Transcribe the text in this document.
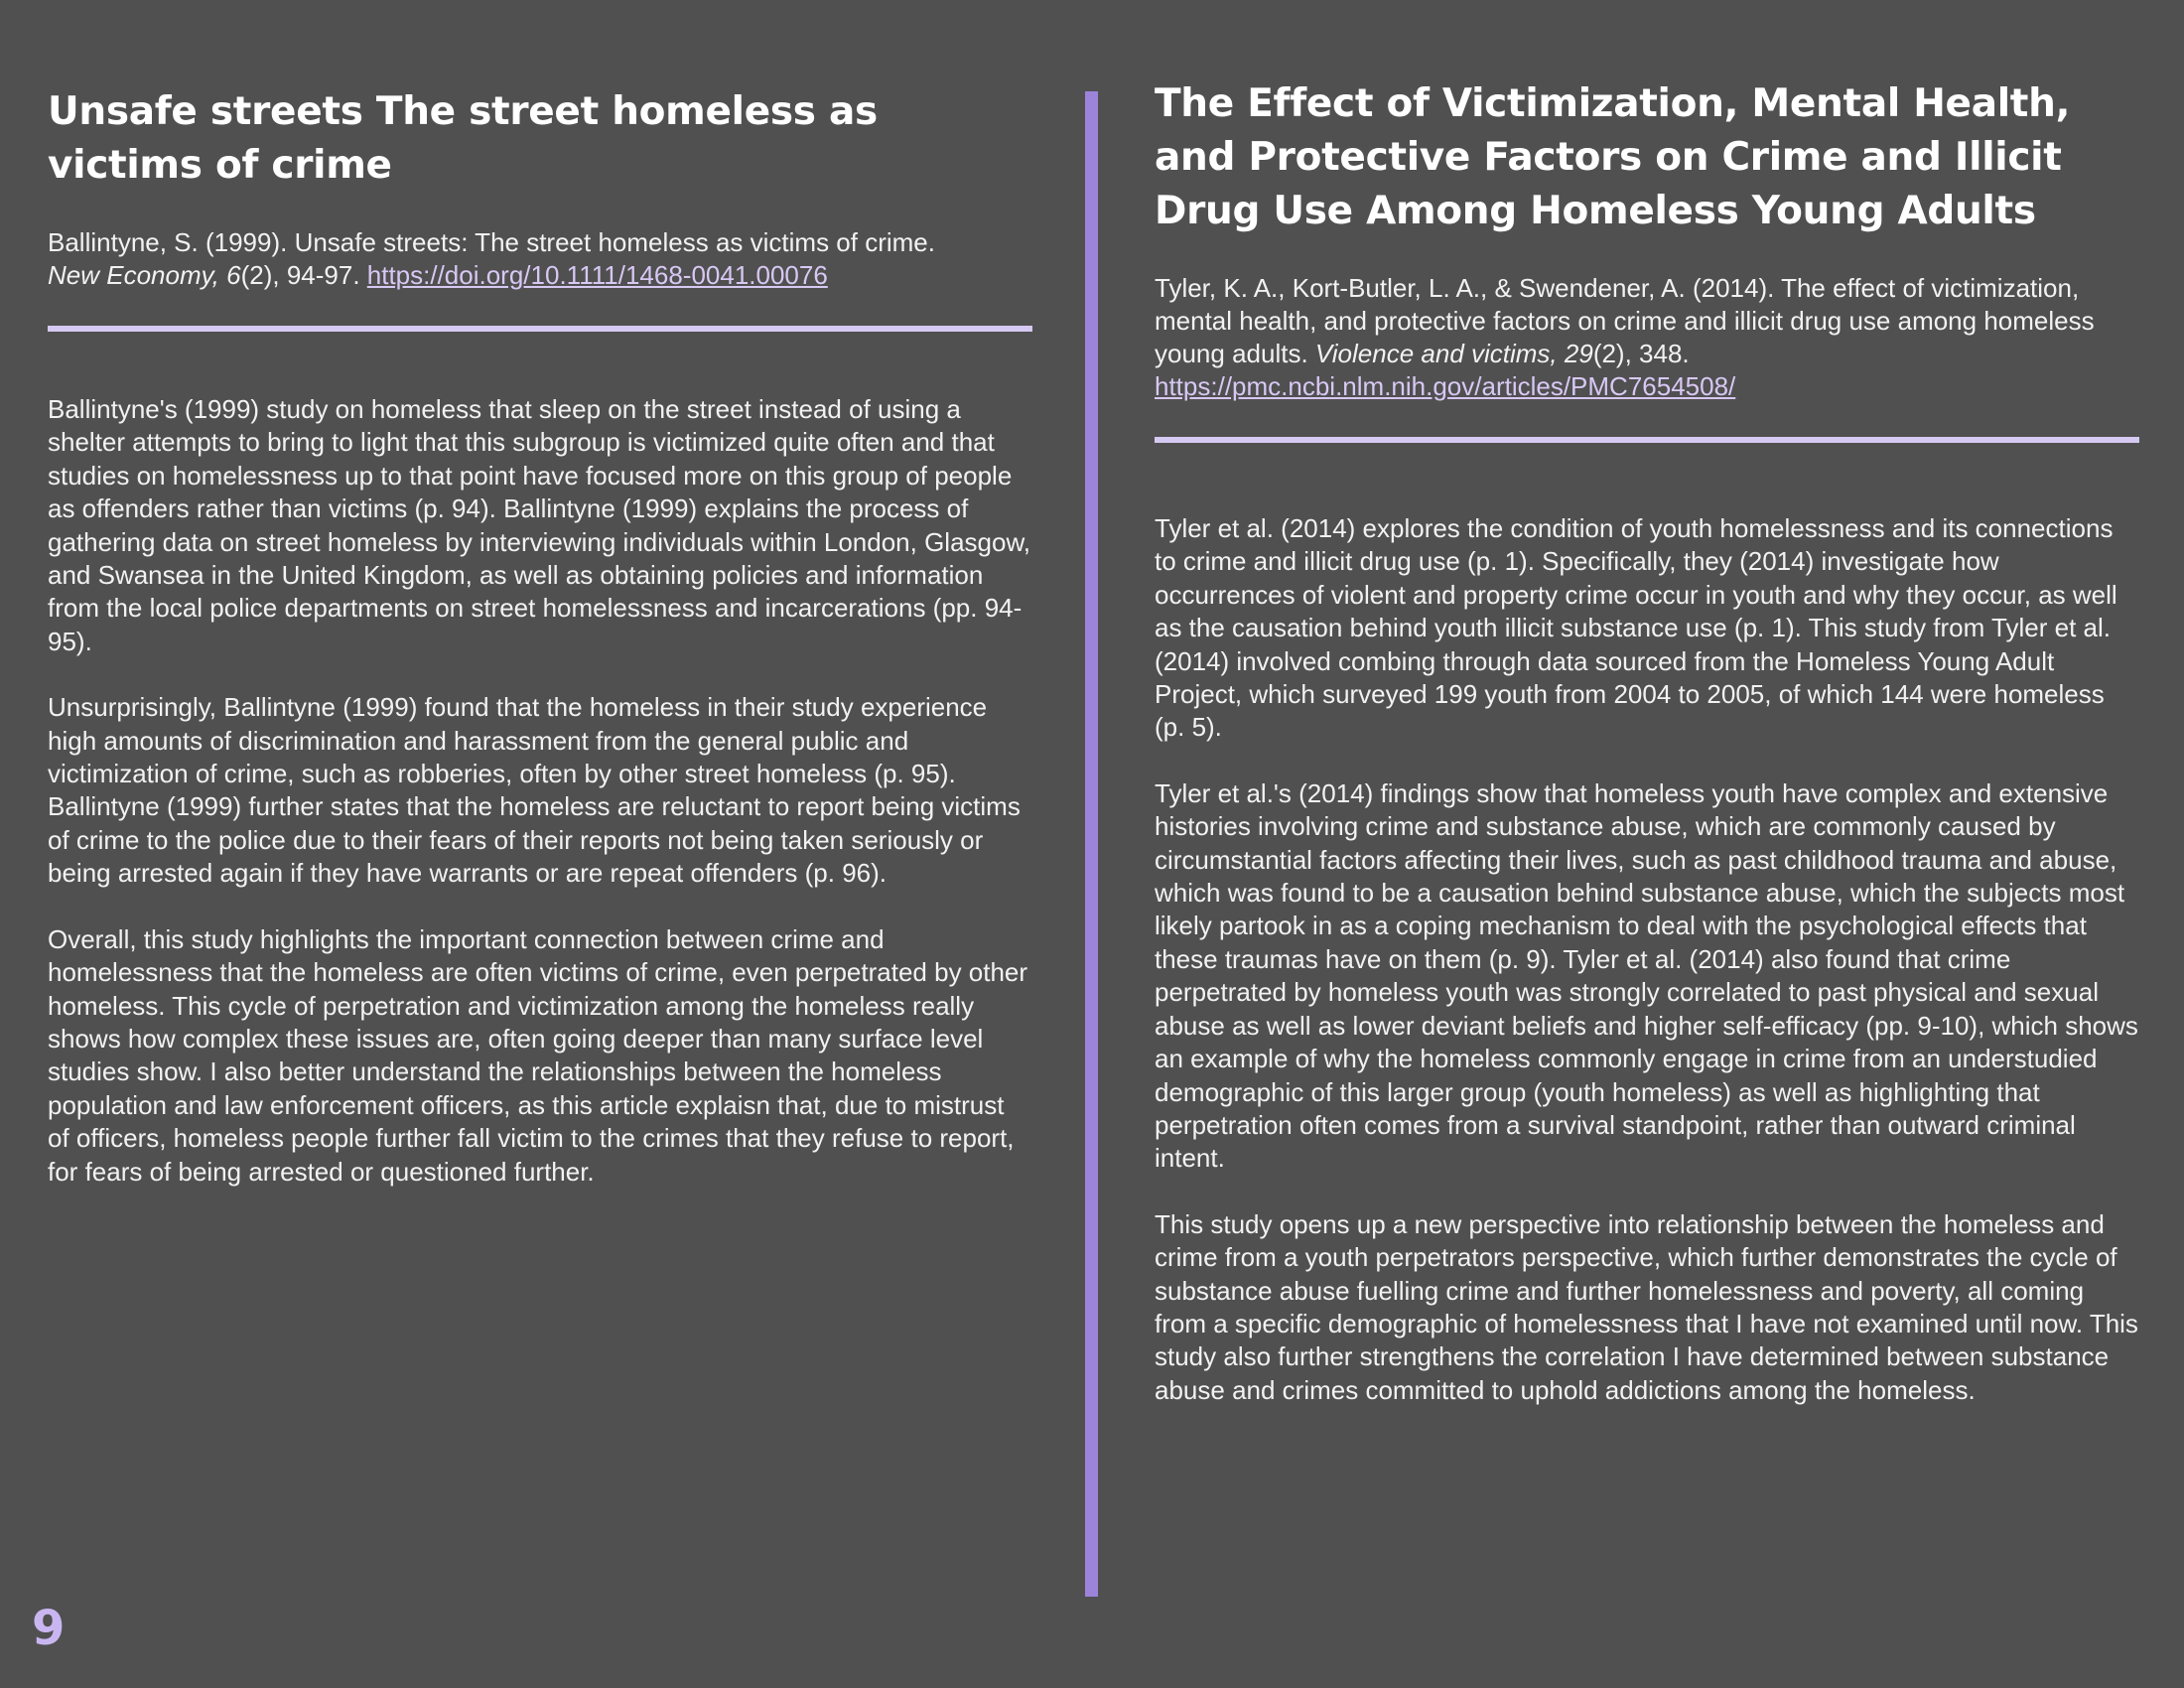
Unsafe streets The street homeless as victims of crime

Ballintyne, S. (1999). Unsafe streets: The street homeless as victims of crime.
New Economy, 6(2), 94-97. https://doi.org/10.1111/1468-0041.00076

Ballintyne's (1999) study on homeless that sleep on the street instead of using a shelter attempts to bring to light that this subgroup is victimized quite often and that studies on homelessness up to that point have focused more on this group of people as offenders rather than victims (p. 94). Ballintyne (1999) explains the process of gathering data on street homeless by interviewing individuals within London, Glasgow, and Swansea in the United Kingdom, as well as obtaining policies and information from the local police departments on street homelessness and incarcerations (pp. 94-95).

Unsurprisingly, Ballintyne (1999) found that the homeless in their study experience high amounts of discrimination and harassment from the general public and victimization of crime, such as robberies, often by other street homeless (p. 95). Ballintyne (1999) further states that the homeless are reluctant to report being victims of crime to the police due to their fears of their reports not being taken seriously or being arrested again if they have warrants or are repeat offenders (p. 96).

Overall, this study highlights the important connection between crime and homelessness that the homeless are often victims of crime, even perpetrated by other homeless. This cycle of perpetration and victimization among the homeless really shows how complex these issues are, often going deeper than many surface level studies show. I also better understand the relationships between the homeless population and law enforcement officers, as this article explaisn that, due to mistrust of officers, homeless people further fall victim to the crimes that they refuse to report, for fears of being arrested or questioned further.

The Effect of Victimization, Mental Health, and Protective Factors on Crime and Illicit Drug Use Among Homeless Young Adults

Tyler, K. A., Kort-Butler, L. A., & Swendener, A. (2014). The effect of victimization, mental health, and protective factors on crime and illicit drug use among homeless young adults. Violence and victims, 29(2), 348.
https://pmc.ncbi.nlm.nih.gov/articles/PMC7654508/

Tyler et al. (2014) explores the condition of youth homelessness and its connections to crime and illicit drug use (p. 1). Specifically, they (2014) investigate how occurrences of violent and property crime occur in youth and why they occur, as well as the causation behind youth illicit substance use (p. 1). This study from Tyler et al. (2014) involved combing through data sourced from the Homeless Young Adult Project, which surveyed 199 youth from 2004 to 2005, of which 144 were homeless (p. 5).

Tyler et al.'s (2014) findings show that homeless youth have complex and extensive histories involving crime and substance abuse, which are commonly caused by circumstantial factors affecting their lives, such as past childhood trauma and abuse, which was found to be a causation behind substance abuse, which the subjects most likely partook in as a coping mechanism to deal with the psychological effects that these traumas have on them (p. 9). Tyler et al. (2014) also found that crime perpetrated by homeless youth was strongly correlated to past physical and sexual abuse as well as lower deviant beliefs and higher self-efficacy (pp. 9-10), which shows an example of why the homeless commonly engage in crime from an understudied demographic of this larger group (youth homeless) as well as highlighting that perpetration often comes from a survival standpoint, rather than outward criminal intent.

This study opens up a new perspective into relationship between the homeless and crime from a youth perpetrators perspective, which further demonstrates the cycle of substance abuse fuelling crime and further homelessness and poverty, all coming from a specific demographic of homelessness that I have not examined until now. This study also further strengthens the correlation I have determined between substance abuse and crimes committed to uphold addictions among the homeless.

9
